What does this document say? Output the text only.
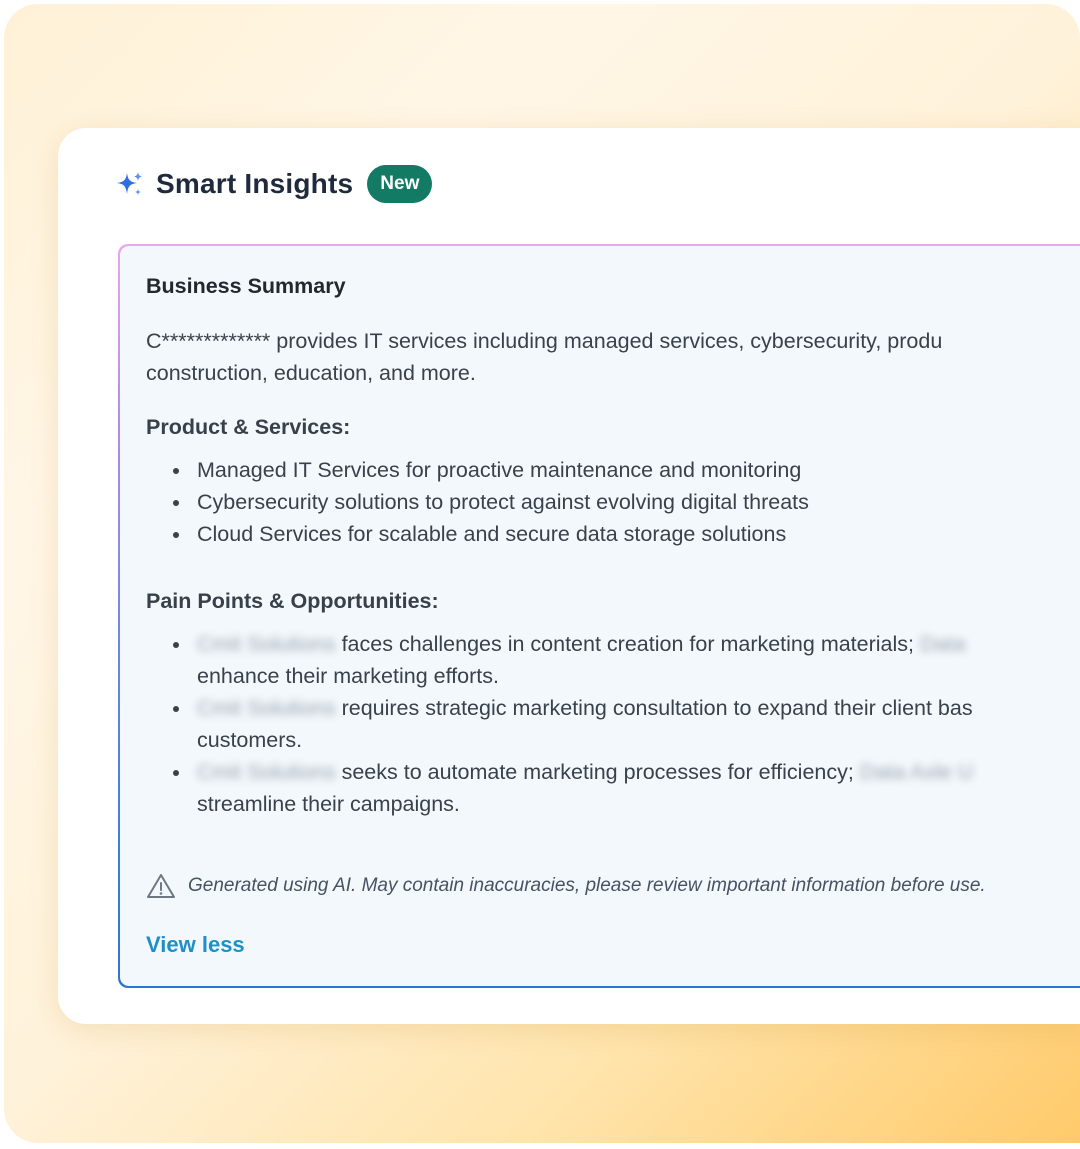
Smart Insights	New
Business Summary
C************* provides IT services including managed services, cybersecurity, produ
construction, education, and more.
Product & Services:
Managed IT Services for proactive maintenance and monitoring
Cybersecurity solutions to protect against evolving digital threats
Cloud Services for scalable and secure data storage solutions
Pain Points & Opportunities:
Cmit Solutions faces challenges in content creation for marketing materials; Data
enhance their marketing efforts.
Cmit Solutions requires strategic marketing consultation to expand their client bas
customers.
Cmit Solutions seeks to automate marketing processes for efficiency; Data Axle U
streamline their campaigns.
Generated using AI. May contain inaccuracies, please review important information before use.
View less
